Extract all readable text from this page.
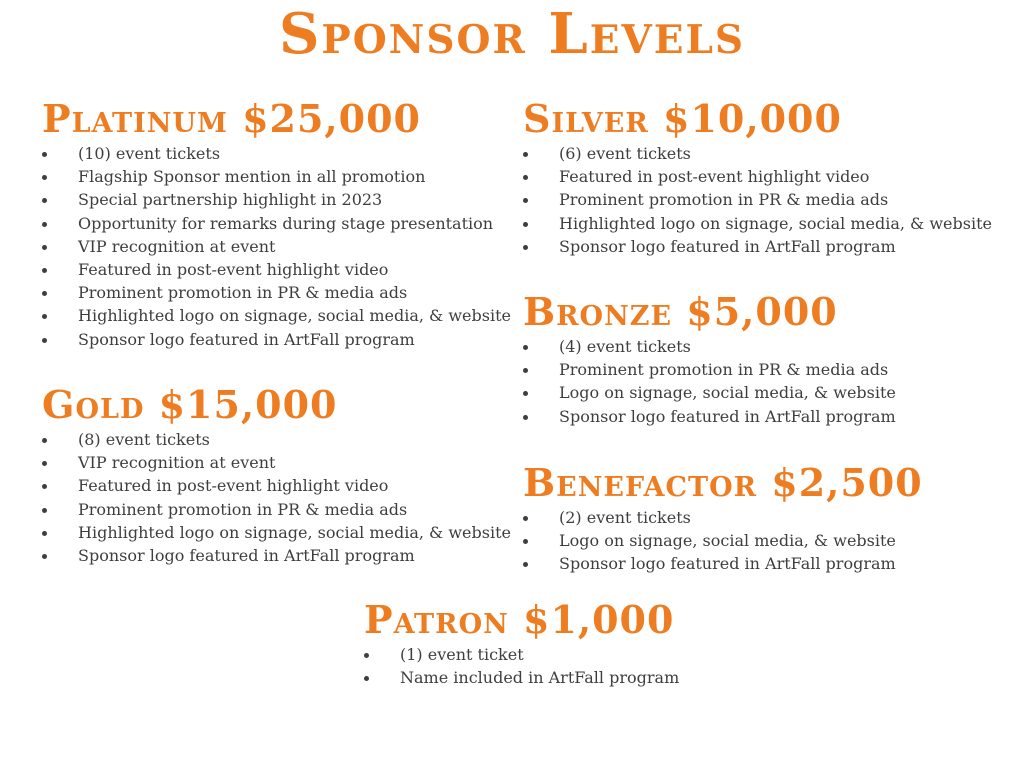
Sponsor Levels
Platinum $25,000
(10) event tickets
Flagship Sponsor mention in all promotion
Special partnership highlight in 2023
Opportunity for remarks during stage presentation
VIP recognition at event
Featured in post-event highlight video
Prominent promotion in PR & media ads
Highlighted logo on signage, social media, & website
Sponsor logo featured in ArtFall program
Silver $10,000
(6) event tickets
Featured in post-event highlight video
Prominent promotion in PR & media ads
Highlighted logo on signage, social media, & website
Sponsor logo featured in ArtFall program
Bronze $5,000
(4) event tickets
Prominent promotion in PR & media ads
Logo on signage, social media, & website
Sponsor logo featured in ArtFall program
Gold $15,000
(8) event tickets
VIP recognition at event
Featured in post-event highlight video
Prominent promotion in PR & media ads
Highlighted logo on signage, social media, & website
Sponsor logo featured in ArtFall program
Benefactor $2,500
(2) event tickets
Logo on signage, social media, & website
Sponsor logo featured in ArtFall program
Patron $1,000
(1) event ticket
Name included in ArtFall program
